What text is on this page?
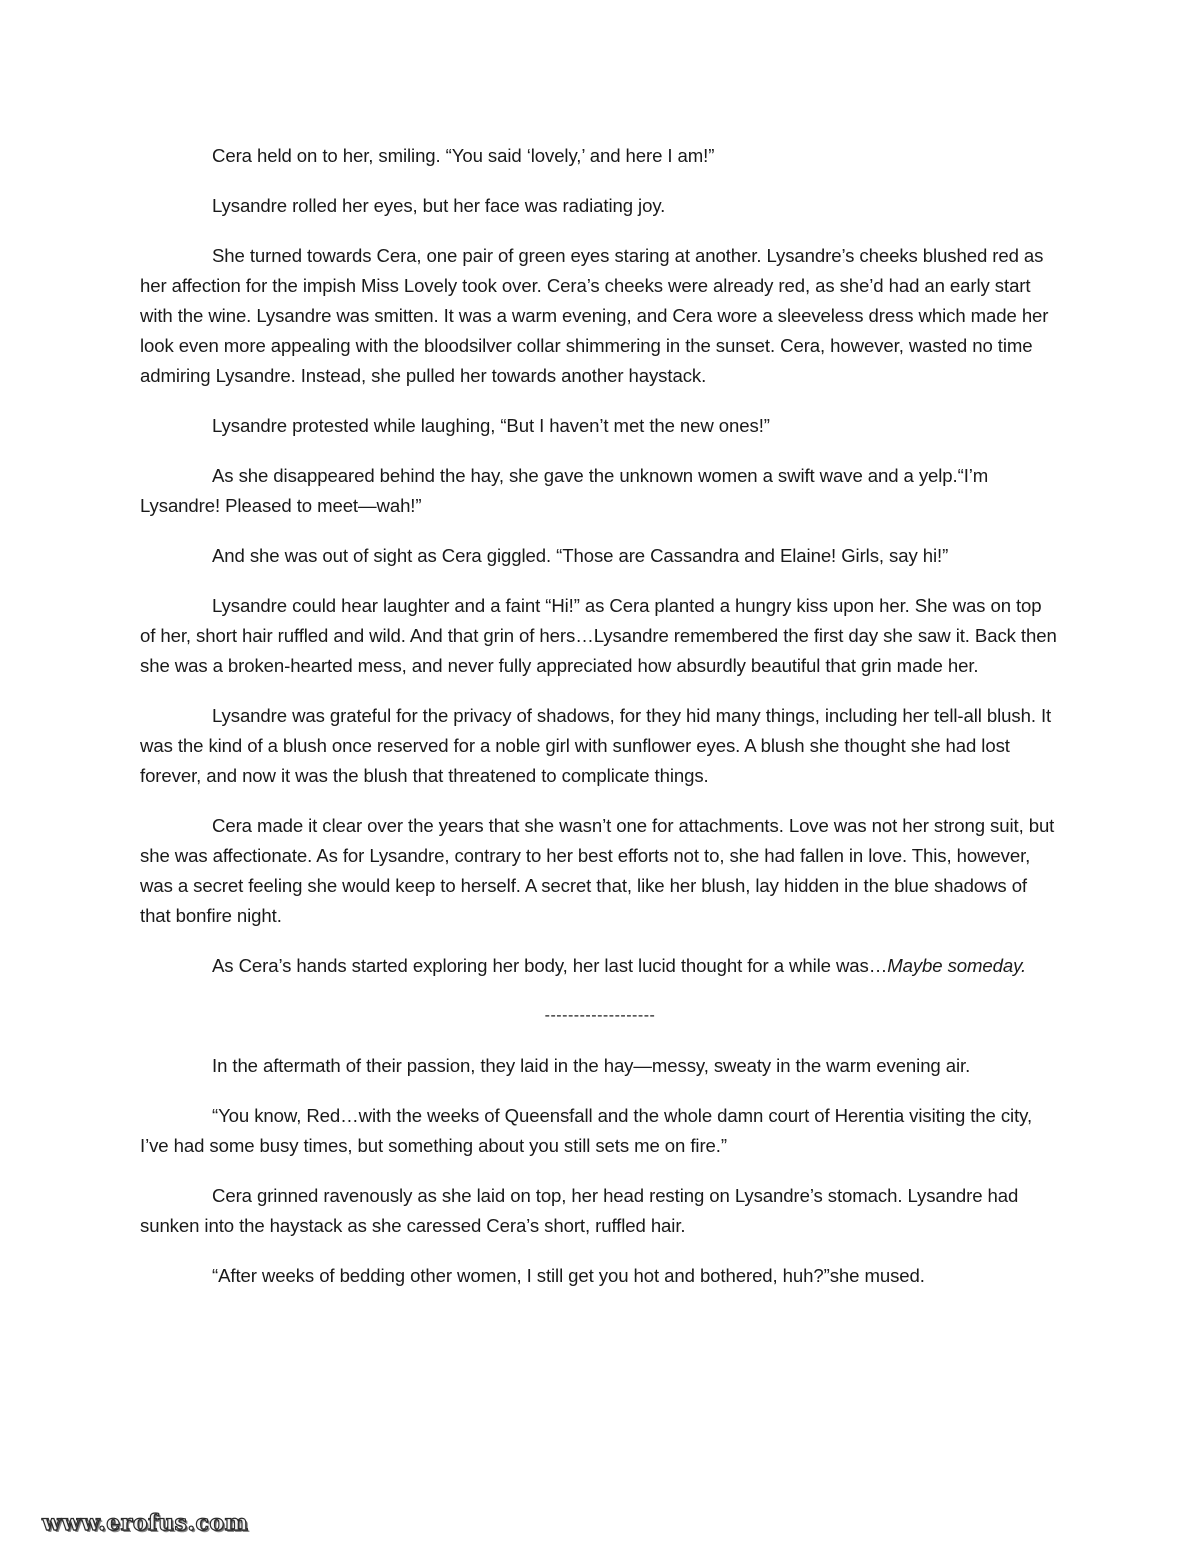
Cera held on to her, smiling. “You said ‘lovely,’ and here I am!”

Lysandre rolled her eyes, but her face was radiating joy.

She turned towards Cera, one pair of green eyes staring at another. Lysandre’s cheeks blushed red as her affection for the impish Miss Lovely took over. Cera’s cheeks were already red, as she’d had an early start with the wine. Lysandre was smitten. It was a warm evening, and Cera wore a sleeveless dress which made her look even more appealing with the bloodsilver collar shimmering in the sunset. Cera, however, wasted no time admiring Lysandre. Instead, she pulled her towards another haystack.

Lysandre protested while laughing, “But I haven’t met the new ones!”

As she disappeared behind the hay, she gave the unknown women a swift wave and a yelp.“I’m Lysandre! Pleased to meet—wah!”

And she was out of sight as Cera giggled. “Those are Cassandra and Elaine! Girls, say hi!”

Lysandre could hear laughter and a faint “Hi!” as Cera planted a hungry kiss upon her. She was on top of her, short hair ruffled and wild. And that grin of hers…Lysandre remembered the first day she saw it. Back then she was a broken-hearted mess, and never fully appreciated how absurdly beautiful that grin made her.

Lysandre was grateful for the privacy of shadows, for they hid many things, including her tell-all blush. It was the kind of a blush once reserved for a noble girl with sunflower eyes. A blush she thought she had lost forever, and now it was the blush that threatened to complicate things.

Cera made it clear over the years that she wasn’t one for attachments. Love was not her strong suit, but she was affectionate. As for Lysandre, contrary to her best efforts not to, she had fallen in love. This, however, was a secret feeling she would keep to herself. A secret that, like her blush, lay hidden in the blue shadows of that bonfire night.

As Cera’s hands started exploring her body, her last lucid thought for a while was…Maybe someday.

-------------------

In the aftermath of their passion, they laid in the hay—messy, sweaty in the warm evening air.

“You know, Red…with the weeks of Queensfall and the whole damn court of Herentia visiting the city, I’ve had some busy times, but something about you still sets me on fire.”

Cera grinned ravenously as she laid on top, her head resting on Lysandre’s stomach. Lysandre had sunken into the haystack as she caressed Cera’s short, ruffled hair.

“After weeks of bedding other women, I still get you hot and bothered, huh?”she mused.

www.erofus.com
